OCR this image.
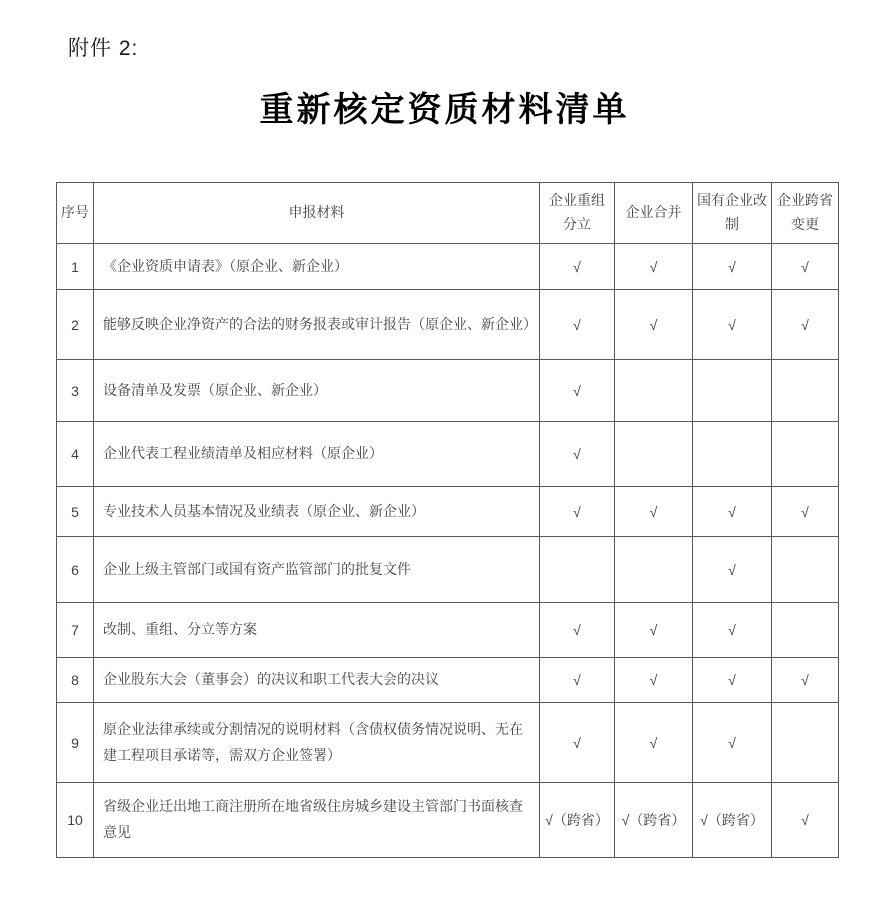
附件 2:
重新核定资质材料清单
序号	申报材料	企业重组分立	企业合并	国有企业改制	企业跨省变更
1	《企业资质申请表》（原企业、新企业）	√	√	√	√
2	能够反映企业净资产的合法的财务报表或审计报告（原企业、新企业）	√	√	√	√
3	设备清单及发票（原企业、新企业）	√			
4	企业代表工程业绩清单及相应材料（原企业）	√			
5	专业技术人员基本情况及业绩表（原企业、新企业）	√	√	√	√
6	企业上级主管部门或国有资产监管部门的批复文件			√	
7	改制、重组、分立等方案	√	√	√	
8	企业股东大会（董事会）的决议和职工代表大会的决议	√	√	√	√
9	原企业法律承续或分割情况的说明材料（含债权债务情况说明、无在建工程项目承诺等，需双方企业签署）	√	√	√	
10	省级企业迁出地工商注册所在地省级住房城乡建设主管部门书面核查意见	√（跨省）	√（跨省）	√（跨省）	√
